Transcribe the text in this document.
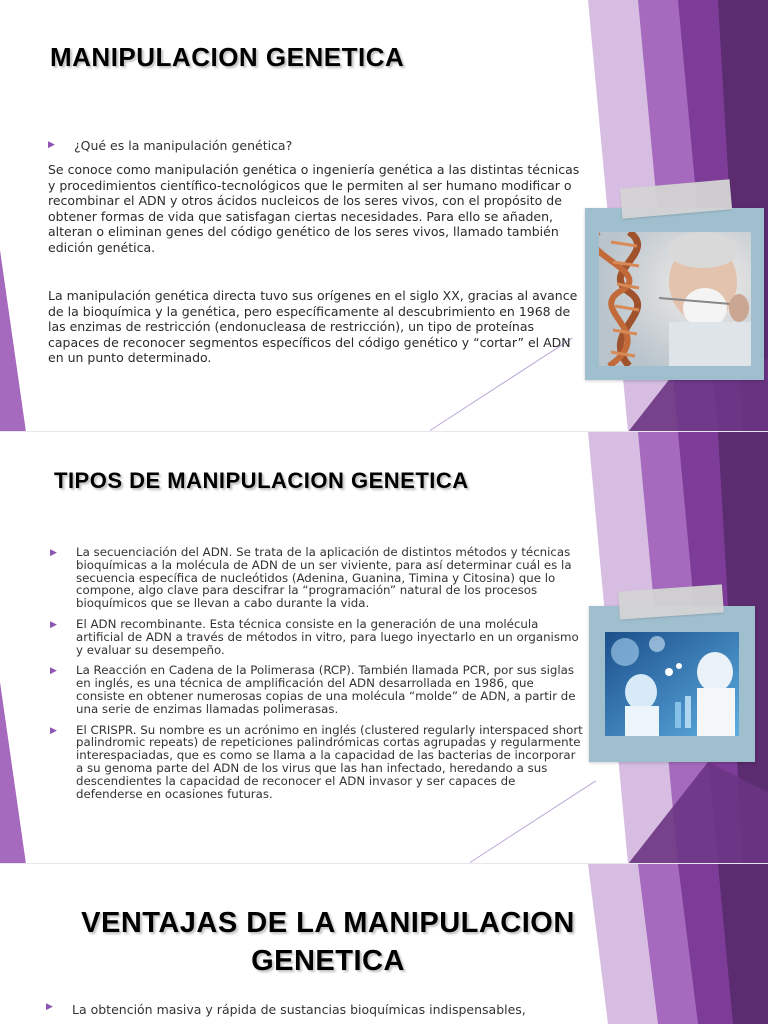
MANIPULACION GENETICA
▶ ¿Qué es la manipulación genética?

Se conoce como manipulación genética o ingeniería genética a las distintas técnicas y procedimientos científico-tecnológicos que le permiten al ser humano modificar o recombinar el ADN y otros ácidos nucleicos de los seres vivos, con el propósito de obtener formas de vida que satisfagan ciertas necesidades. Para ello se añaden, alteran o eliminan genes del código genético de los seres vivos, llamado también edición genética.

La manipulación genética directa tuvo sus orígenes en el siglo XX, gracias al avance de la bioquímica y la genética, pero específicamente al descubrimiento en 1968 de las enzimas de restricción (endonucleasa de restricción), un tipo de proteínas capaces de reconocer segmentos específicos del código genético y “cortar” el ADN en un punto determinado.

TIPOS DE MANIPULACION GENETICA
▶ La secuenciación del ADN. Se trata de la aplicación de distintos métodos y técnicas bioquímicas a la molécula de ADN de un ser viviente, para así determinar cuál es la secuencia específica de nucleótidos (Adenina, Guanina, Timina y Citosina) que lo compone, algo clave para descifrar la “programación” natural de los procesos bioquímicos que se llevan a cabo durante la vida.
▶ El ADN recombinante. Esta técnica consiste en la generación de una molécula artificial de ADN a través de métodos in vitro, para luego inyectarlo en un organismo y evaluar su desempeño.
▶ La Reacción en Cadena de la Polimerasa (RCP). También llamada PCR, por sus siglas en inglés, es una técnica de amplificación del ADN desarrollada en 1986, que consiste en obtener numerosas copias de una molécula “molde” de ADN, a partir de una serie de enzimas llamadas polimerasas.
▶ El CRISPR. Su nombre es un acrónimo en inglés (clustered regularly interspaced short palindromic repeats) de repeticiones palindrómicas cortas agrupadas y regularmente interespaciadas, que es como se llama a la capacidad de las bacterias de incorporar a su genoma parte del ADN de los virus que las han infectado, heredando a sus descendientes la capacidad de reconocer el ADN invasor y ser capaces de defenderse en ocasiones futuras.
VENTAJAS DE LA MANIPULACION GENETICA
▶ La obtención masiva y rápida de sustancias bioquímicas indispensables,
